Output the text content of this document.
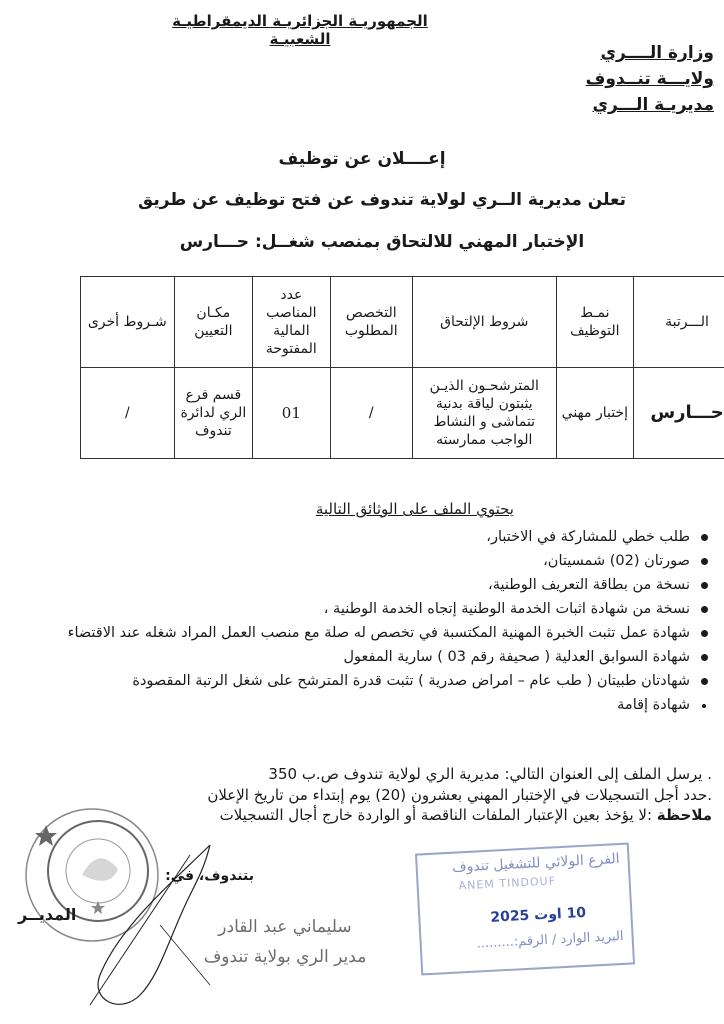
الجمهوريـة الجزائريـة الديمقراطيـة الشعبيـة
وزارة الــــري
ولايـــة تنــدوف
مديريـة الـــري
إعــــلان عن توظيف
تعلن مديرية الــري لولاية تندوف عن فتح توظيف عن طريق
الإختبار المهني للالتحاق بمنصب شغــل: حـــارس
الـــرتبة	نمـط التوظيف	شروط الإلتحاق	التخصص المطلوب	عدد المناصب المالية المفتوحة	مكـان التعيين	شـروط أخرى
حـــارس	إختبار مهني	المترشحـون الذيـن يثبتون لياقة بدنية تتماشى و النشاط الواجب ممارسته	/	01	قسم فرع الري لدائرة تندوف	/
يحتوي الملف على الوثائق التالية
طلب خطي للمشاركة في الاختبار،
صورتان (02) شمسيتان،
نسخة من بطاقة التعريف الوطنية،
نسخة من شهادة اثبات الخدمة الوطنية إتجاه الخدمة الوطنية ،
شهادة عمل تثبت الخبرة المهنية المكتسبة في تخصص له صلة مع منصب العمل المراد شغله عند الاقتضاء
شهادة السوابق العدلية ( صحيفة رقم 03 ) سارية المفعول
شهادتان طبيتان ( طب عام – امراض صدرية ) تثبت قدرة المترشح على شغل الرتبة المقصودة
شهادة إقامة
. يرسل الملف إلى العنوان التالي: مديرية الري لولاية تندوف ص.ب 350
.حدد أجل التسجيلات في الإختبار المهني بعشرون (20) يوم إبتداء من تاريخ الإعلان
ملاحظة :لا يؤخذ بعين الإعتبار الملفات الناقصة أو الواردة خارج أجال التسجيلات
بتندوف، في:
المديــر
سليماني عبد القادر
مدير الري بولاية تندوف
الفرع الولائي للتشغيل تندوف
ANEM TINDOUF
10 اوت 2025
البريد الوارد / الرقم:.........
